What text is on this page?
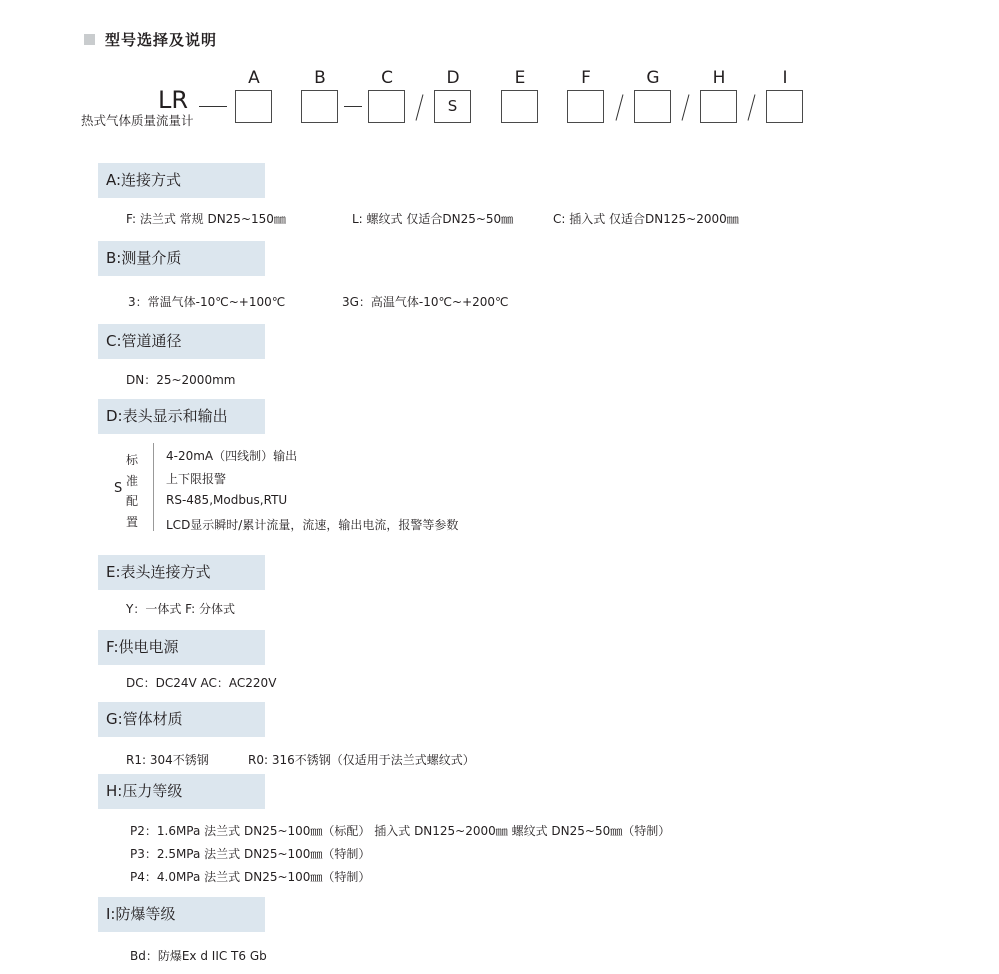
型号选择及说明
LR
热式气体质量流量计
A	B	C	D	E	F	G	H	I
S
A:连接方式
F: 法兰式 常规 DN25~150㎜	L: 螺纹式 仅适合DN25~50㎜	C: 插入式 仅适合DN125~2000㎜
B:测量介质
3：常温气体-10℃~+100℃	3G：高温气体-10℃~+200℃
C:管道通径
DN：25~2000mm
D:表头显示和输出
S
标
准
配
置
4-20mA（四线制）输出
上下限报警
RS-485,Modbus,RTU
LCD显示瞬时/累计流量，流速，输出电流，报警等参数
E:表头连接方式
Y：一体式 F: 分体式
F:供电电源
DC：DC24V AC：AC220V
G:管体材质
R1: 304不锈钢	R0: 316不锈钢（仅适用于法兰式螺纹式）
H:压力等级
P2：1.6MPa 法兰式 DN25~100㎜（标配） 插入式 DN125~2000㎜ 螺纹式 DN25~50㎜（特制）
P3：2.5MPa 法兰式 DN25~100㎜（特制）
P4：4.0MPa 法兰式 DN25~100㎜（特制）
I:防爆等级
Bd：防爆Ex d IIC T6 Gb
